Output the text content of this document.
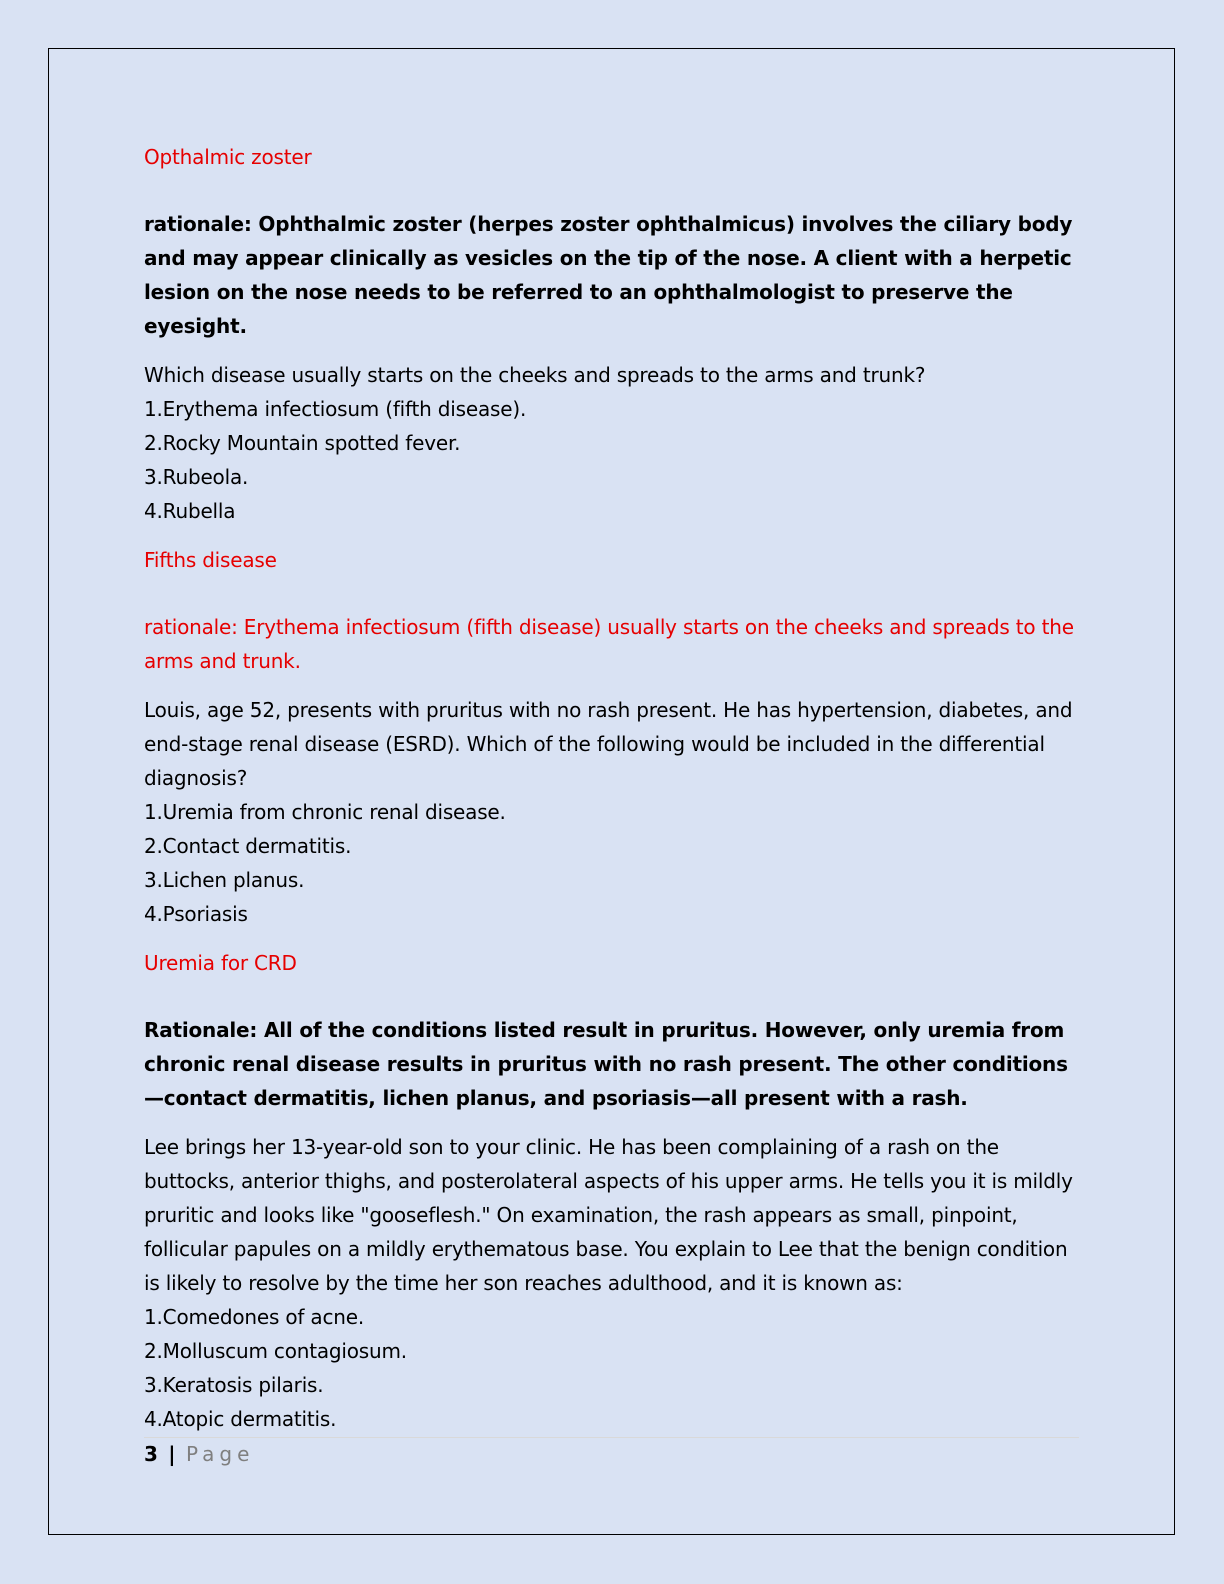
Opthalmic zoster

rationale: Ophthalmic zoster (herpes zoster ophthalmicus) involves the ciliary body and may appear clinically as vesicles on the tip of the nose. A client with a herpetic lesion on the nose needs to be referred to an ophthalmologist to preserve the eyesight.

Which disease usually starts on the cheeks and spreads to the arms and trunk?

1.Erythema infectiosum (fifth disease).
2.Rocky Mountain spotted fever.
3.Rubeola.
4.Rubella

Fifths disease

rationale: Erythema infectiosum (fifth disease) usually starts on the cheeks and spreads to the arms and trunk.

Louis, age 52, presents with pruritus with no rash present. He has hypertension, diabetes, and end-stage renal disease (ESRD). Which of the following would be included in the differential diagnosis?

1.Uremia from chronic renal disease.
2.Contact dermatitis.
3.Lichen planus.
4.Psoriasis

Uremia for CRD

Rationale: All of the conditions listed result in pruritus. However, only uremia from chronic renal disease results in pruritus with no rash present. The other conditions—contact dermatitis, lichen planus, and psoriasis—all present with a rash.

Lee brings her 13-year-old son to your clinic. He has been complaining of a rash on the buttocks, anterior thighs, and posterolateral aspects of his upper arms. He tells you it is mildly pruritic and looks like "gooseflesh." On examination, the rash appears as small, pinpoint, follicular papules on a mildly erythematous base. You explain to Lee that the benign condition is likely to resolve by the time her son reaches adulthood, and it is known as:

1.Comedones of acne.
2.Molluscum contagiosum.
3.Keratosis pilaris.
4.Atopic dermatitis.
3 | Page
